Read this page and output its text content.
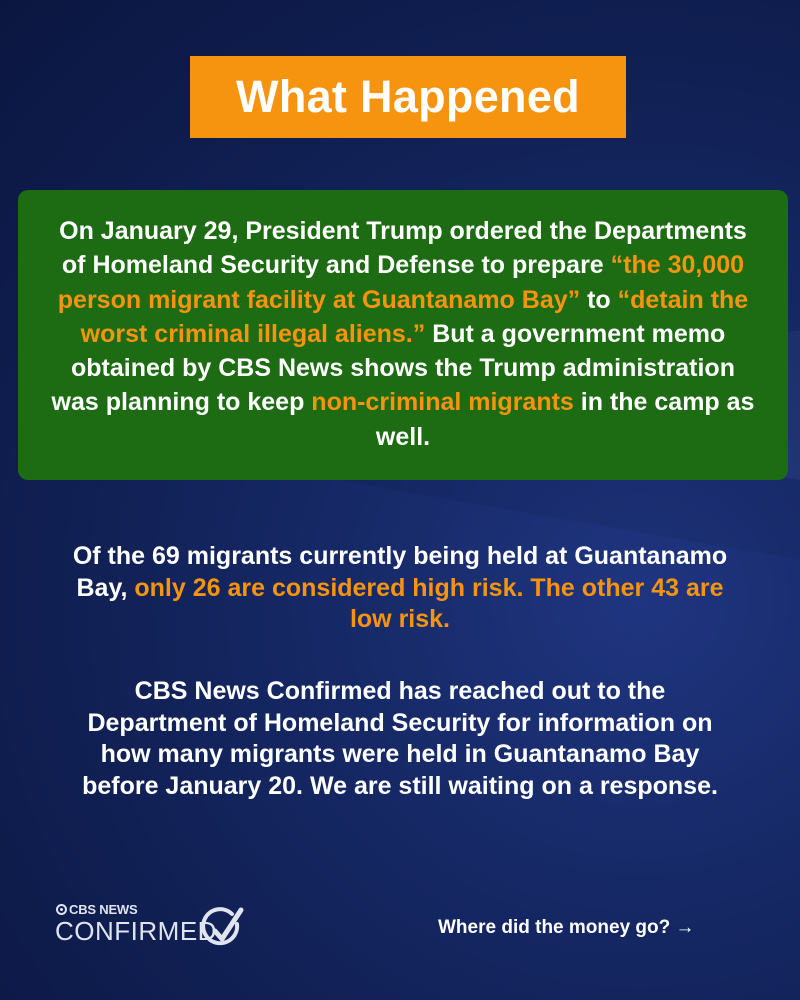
What Happened

On January 29, President Trump ordered the Departments of Homeland Security and Defense to prepare “the 30,000 person migrant facility at Guantanamo Bay” to “detain the worst criminal illegal aliens.” But a government memo obtained by CBS News shows the Trump administration was planning to keep non-criminal migrants in the camp as well.

Of the 69 migrants currently being held at Guantanamo Bay, only 26 are considered high risk. The other 43 are low risk.

CBS News Confirmed has reached out to the Department of Homeland Security for information on how many migrants were held in Guantanamo Bay before January 20. We are still waiting on a response.

CBS NEWS
CONFIRMED	Where did the money go? →
